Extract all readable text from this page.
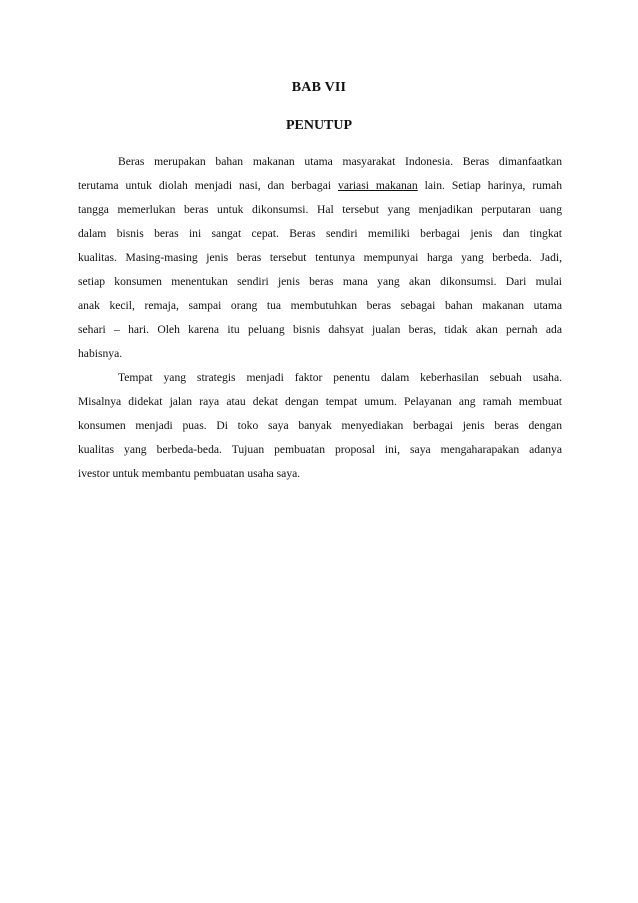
BAB VII
PENUTUP
Beras merupakan bahan makanan utama masyarakat Indonesia. Beras dimanfaatkan
terutama untuk diolah menjadi nasi, dan berbagai variasi makanan lain. Setiap harinya, rumah
tangga memerlukan beras untuk dikonsumsi. Hal tersebut yang menjadikan perputaran uang
dalam bisnis beras ini sangat cepat. Beras sendiri memiliki berbagai jenis dan tingkat
kualitas. Masing-masing jenis beras tersebut tentunya mempunyai harga yang berbeda. Jadi,
setiap konsumen menentukan sendiri jenis beras mana yang akan dikonsumsi. Dari mulai
anak kecil, remaja, sampai orang tua membutuhkan beras sebagai bahan makanan utama
sehari – hari. Oleh karena itu peluang bisnis dahsyat jualan beras, tidak akan pernah ada
habisnya.
Tempat yang strategis menjadi faktor penentu dalam keberhasilan sebuah usaha.
Misalnya didekat jalan raya atau dekat dengan tempat umum. Pelayanan ang ramah membuat
konsumen menjadi puas. Di toko saya banyak menyediakan berbagai jenis beras dengan
kualitas yang berbeda-beda. Tujuan pembuatan proposal ini, saya mengaharapakan adanya
ivestor untuk membantu pembuatan usaha saya.
